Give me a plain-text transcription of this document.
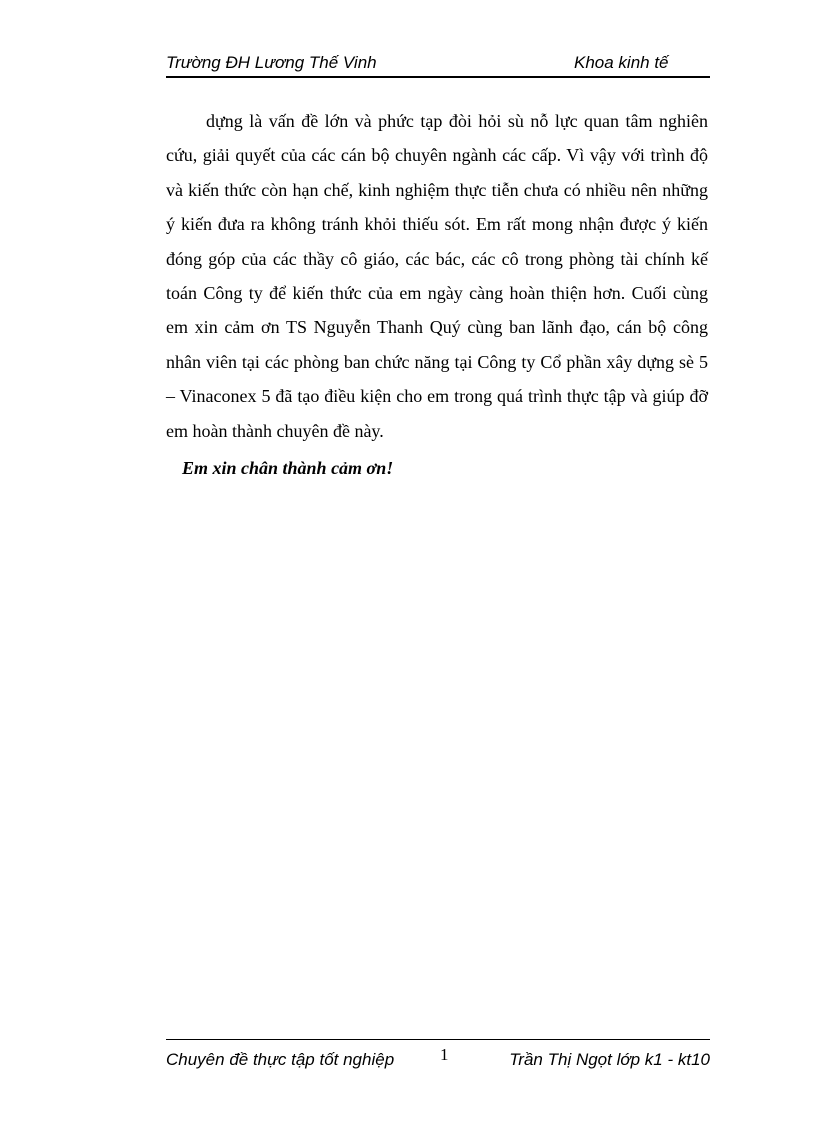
Trường ĐH Lương Thế Vinh	Khoa kinh tế

dựng là vấn đề lớn và phức tạp đòi hỏi sù nỗ lực quan tâm nghiên cứu, giải quyết của các cán bộ chuyên ngành các cấp. Vì vậy với trình độ và kiến thức còn hạn chế, kinh nghiệm thực tiễn chưa có nhiều nên những ý kiến đưa ra không tránh khỏi thiếu sót. Em rất mong nhận được ý kiến đóng góp của các thầy cô giáo, các bác, các cô trong phòng tài chính kế toán Công ty để kiến thức của em ngày càng hoàn thiện hơn. Cuối cùng em xin cảm ơn TS Nguyễn Thanh Quý cùng ban lãnh đạo, cán bộ công nhân viên tại các phòng ban chức năng tại Công ty Cổ phần xây dựng sè 5 – Vinaconex 5 đã tạo điều kiện cho em trong quá trình thực tập và giúp đỡ em hoàn thành chuyên đề này.

Em xin chân thành cảm ơn!
Chuyên đề thực tập tốt nghiệp	1	Trần Thị Ngọt lớp k1 - kt10
